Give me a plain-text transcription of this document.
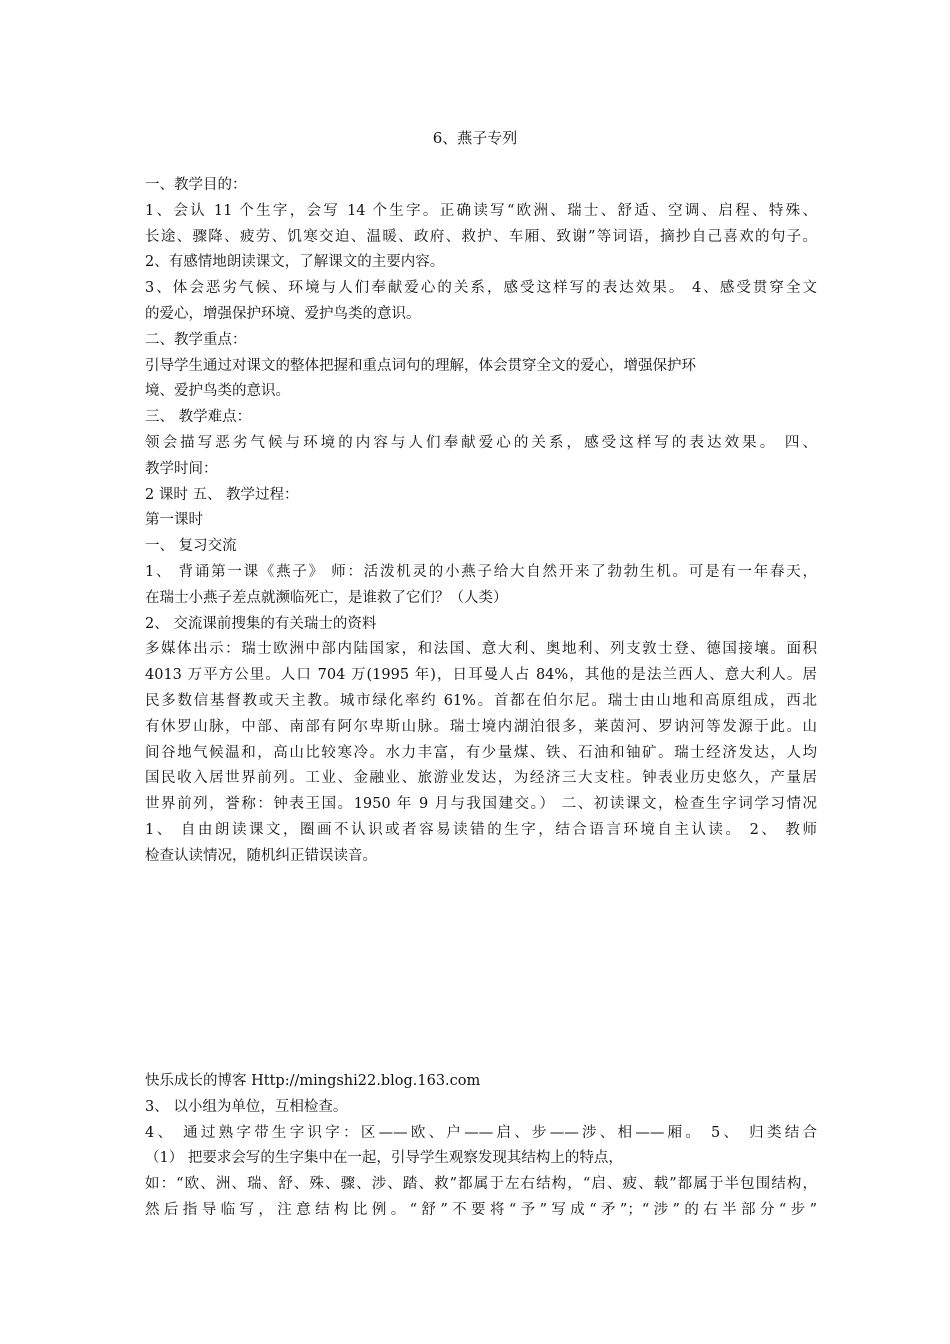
6、燕子专列
一、教学目的：
1、会认 11 个生字，会写 14 个生字。正确读写“欧洲、瑞士、舒适、空调、启程、特殊、
长途、骤降、疲劳、饥寒交迫、温暖、政府、救护、车厢、致谢”等词语，摘抄自己喜欢的句子。
2、有感情地朗读课文，了解课文的主要内容。
3、体会恶劣气候、环境与人们奉献爱心的关系，感受这样写的表达效果。 4、感受贯穿全文
的爱心，增强保护环境、爱护鸟类的意识。
二、教学重点：
引导学生通过对课文的整体把握和重点词句的理解，体会贯穿全文的爱心，增强保护环
境、爱护鸟类的意识。
三、 教学难点：
领会描写恶劣气候与环境的内容与人们奉献爱心的关系，感受这样写的表达效果。 四、
教学时间：
2 课时 五、 教学过程：
第一课时
一、 复习交流
1、 背诵第一课《燕子》 师：活泼机灵的小燕子给大自然开来了勃勃生机。可是有一年春天，
在瑞士小燕子差点就濒临死亡，是谁救了它们？（人类）
2、 交流课前搜集的有关瑞士的资料
多媒体出示：瑞士欧洲中部内陆国家，和法国、意大利、奥地利、列支敦士登、德国接壤。面积
4013 万平方公里。人口 704 万(1995 年)，日耳曼人占 84%，其他的是法兰西人、意大利人。居
民多数信基督教或天主教。城市绿化率约 61%。首都在伯尔尼。瑞士由山地和高原组成，西北
有休罗山脉，中部、南部有阿尔卑斯山脉。瑞士境内湖泊很多，莱茵河、罗讷河等发源于此。山
间谷地气候温和，高山比较寒冷。水力丰富，有少量煤、铁、石油和铀矿。瑞士经济发达，人均
国民收入居世界前列。工业、金融业、旅游业发达，为经济三大支柱。钟表业历史悠久，产量居
世界前列，誉称：钟表王国。1950 年 9 月与我国建交。） 二、初读课文，检查生字词学习情况
1、 自由朗读课文，圈画不认识或者容易读错的生字，结合语言环境自主认读。 2、 教师
检查认读情况，随机纠正错误读音。
快乐成长的博客 Http://mingshi22.blog.163.com
3、 以小组为单位，互相检查。
4、 通过熟字带生字识字：区——欧、户——启、步——涉、相——厢。 5、 归类结合
（1） 把要求会写的生字集中在一起，引导学生观察发现其结构上的特点，
如：“欧、洲、瑞、舒、殊、骤、涉、踏、救”都属于左右结构，“启、疲、载”都属于半包围结构，
然后指导临写，注意结构比例。“舒”不要将“予”写成“矛”；“涉”的右半部分“步”
